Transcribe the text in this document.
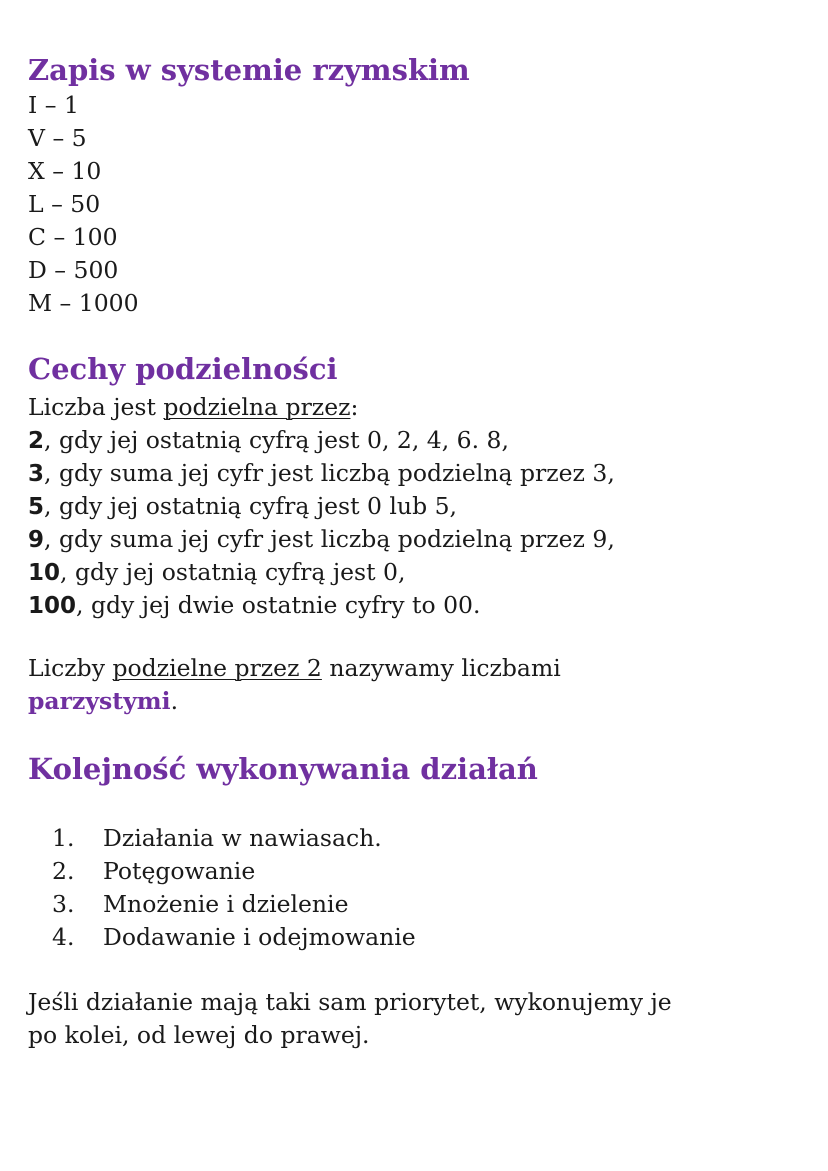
Zapis w systemie rzymskim
I – 1
V – 5
X – 10
L – 50
C – 100
D – 500
M – 1000
Cechy podzielności
Liczba jest podzielna przez:
2, gdy jej ostatnią cyfrą jest 0, 2, 4, 6. 8,
3, gdy suma jej cyfr jest liczbą podzielną przez 3,
5, gdy jej ostatnią cyfrą jest 0 lub 5,
9, gdy suma jej cyfr jest liczbą podzielną przez 9,
10, gdy jej ostatnią cyfrą jest 0,
100, gdy jej dwie ostatnie cyfry to 00.
Liczby podzielne przez 2 nazywamy liczbami
parzystymi.
Kolejność wykonywania działań
1.	Działania w nawiasach.
2.	Potęgowanie
3.	Mnożenie i dzielenie
4.	Dodawanie i odejmowanie
Jeśli działanie mają taki sam priorytet, wykonujemy je
po kolei, od lewej do prawej.
